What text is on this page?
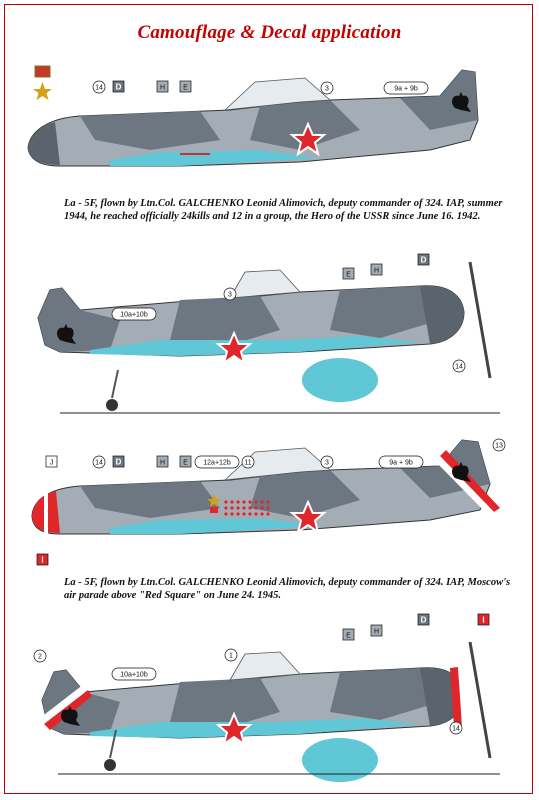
Camouflage & Decal application
La - 5F, flown by Ltn.Col. GALCHENKO Leonid Alimovich, deputy commander of 324. IAP, summer 1944, he reached officially 24kills and 12 in a group, the Hero of the USSR since June 16. 1942.
La - 5F, flown by Ltn.Col. GALCHENKO Leonid Alimovich, deputy commander of 324. IAP, Moscow's air parade above "Red Square" on June 24. 1945.
14 D	H	E	3	9a + 9b
10a+10b
3
E
H
D
14
J
I
14 D	H	E 12a+12b 11	3	9a + 9b
13
2
10a+10b
1
E
H
D	I
14
